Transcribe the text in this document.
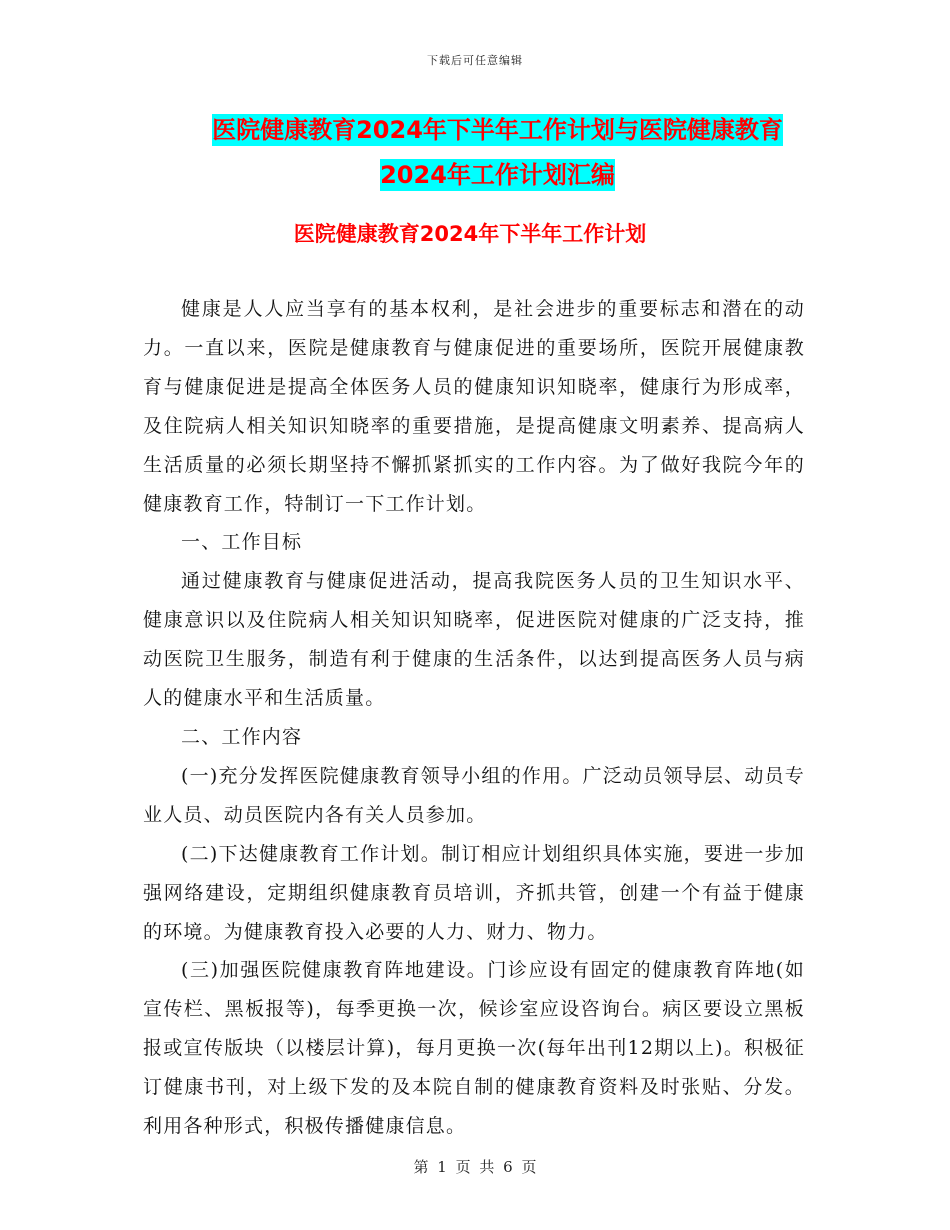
下载后可任意编辑
医院健康教育2024年下半年工作计划与医院健康教育
2024年工作计划汇编
医院健康教育2024年下半年工作计划

健康是人人应当享有的基本权利，是社会进步的重要标志和潜在的动力。一直以来，医院是健康教育与健康促进的重要场所，医院开展健康教育与健康促进是提高全体医务人员的健康知识知晓率，健康行为形成率，及住院病人相关知识知晓率的重要措施，是提高健康文明素养、提高病人生活质量的必须长期坚持不懈抓紧抓实的工作内容。为了做好我院今年的健康教育工作，特制订一下工作计划。

一、工作目标

通过健康教育与健康促进活动，提高我院医务人员的卫生知识水平、健康意识以及住院病人相关知识知晓率，促进医院对健康的广泛支持，推动医院卫生服务，制造有利于健康的生活条件，以达到提高医务人员与病人的健康水平和生活质量。

二、工作内容

(一)充分发挥医院健康教育领导小组的作用。广泛动员领导层、动员专业人员、动员医院内各有关人员参加。

(二)下达健康教育工作计划。制订相应计划组织具体实施，要进一步加强网络建设，定期组织健康教育员培训，齐抓共管，创建一个有益于健康的环境。为健康教育投入必要的人力、财力、物力。

(三)加强医院健康教育阵地建设。门诊应设有固定的健康教育阵地(如宣传栏、黑板报等)，每季更换一次，候诊室应设咨询台。病区要设立黑板报或宣传版块（以楼层计算)，每月更换一次(每年出刊12期以上)。积极征订健康书刊，对上级下发的及本院自制的健康教育资料及时张贴、分发。利用各种形式，积极传播健康信息。

第 1 页 共 6 页
